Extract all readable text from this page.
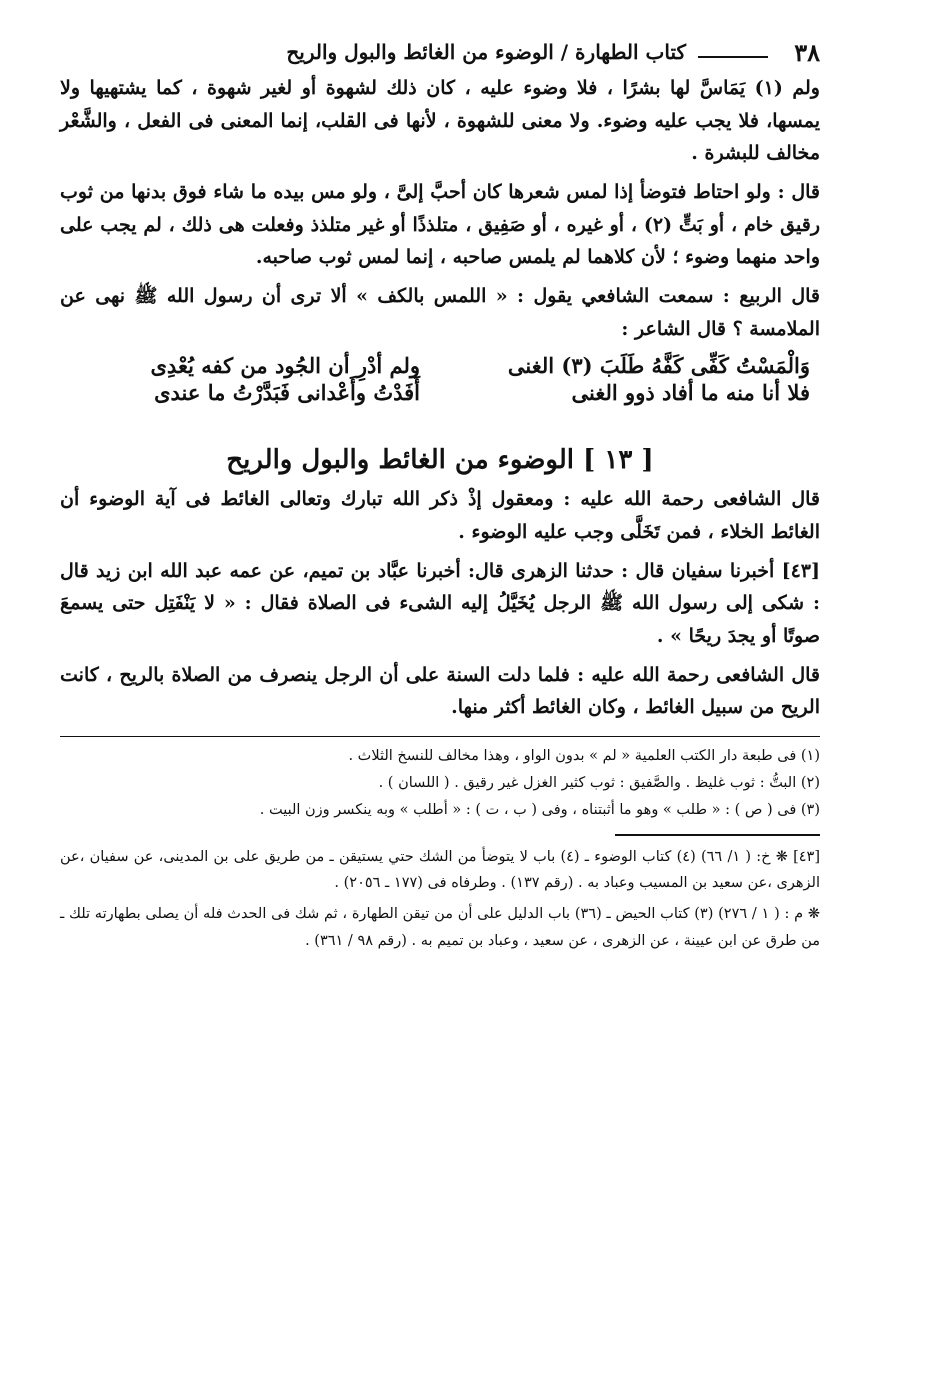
٣٨
كتاب الطهارة / الوضوء من الغائط والبول والريح

ولم (١) يَمَاسَّ لها بشرًا ، فلا وضوء عليه ، كان ذلك لشهوة أو لغير شهوة ، كما يشتهيها ولا يمسها، فلا يجب عليه وضوء. ولا معنى للشهوة ، لأنها فى القلب، إنما المعنى فى الفعل ، والشَّعْر مخالف للبشرة .

قال : ولو احتاط فتوضأ إذا لمس شعرها كان أحبَّ إلىَّ ، ولو مس بيده ما شاء فوق بدنها من ثوب رقيق خام ، أو بَتٍّ (٢) ، أو غيره ، أو صَفِيق ، متلذذًا أو غير متلذذ وفعلت هى ذلك ، لم يجب على واحد منهما وضوء ؛ لأن كلاهما لم يلمس صاحبه ، إنما لمس ثوب صاحبه.

قال الربيع : سمعت الشافعي يقول : « اللمس بالكف » ألا ترى أن رسول الله ﷺ نهى عن الملامسة ؟ قال الشاعر :

وَالْمَسْتُ كَفِّى كَفَّهُ طَلَبَ (٣) الغنى
ولم أدْرِ أن الجُود من كفه يُعْدِى
فلا أنا منه ما أفاد ذوو الغنى
أَفَدْتُ وأَعْدانى فَبَدَّرْتُ ما عندى
[ ١٣ ] الوضوء من الغائط والبول والريح

قال الشافعى رحمة الله عليه : ومعقول إذْ ذكر الله تبارك وتعالى الغائط فى آية الوضوء أن الغائط الخلاء ، فمن تَخَلَّى وجب عليه الوضوء .

[٤٣] أخبرنا سفيان قال : حدثنا الزهرى قال: أخبرنا عبَّاد بن تميم، عن عمه عبد الله ابن زيد قال : شكى إلى رسول الله ﷺ الرجل يُخَيَّلُ إليه الشىء فى الصلاة فقال : « لا يَنْفَتِل حتى يسمعَ صوتًا أو يجدَ ريحًا » .

قال الشافعى رحمة الله عليه : فلما دلت السنة على أن الرجل ينصرف من الصلاة بالريح ، كانت الريح من سبيل الغائط ، وكان الغائط أكثر منها.

(١) فى طبعة دار الكتب العلمية « لم » بدون الواو ، وهذا مخالف للنسخ الثلاث .

(٢) البتُّ : ثوب غليظ . والصَّفيق : ثوب كثير الغزل غير رقيق . ( اللسان ) .

(٣) فى ( ص ) : « طلب » وهو ما أثبتناه ، وفى ( ب ، ت ) : « أطلب » وبه ينكسر وزن البيت .

[٤٣] ❋ خ: ( ١/ ٦٦) (٤) كتاب الوضوء ـ (٤) باب لا يتوضأ من الشك حتي يستيقن ـ من طريق على بن المدينى، عن سفيان ،عن الزهرى ،عن سعيد بن المسيب وعباد به . (رقم ١٣٧) . وطرفاه فى (١٧٧ ـ ٢٠٥٦) .

❋ م : ( ١ / ٢٧٦) (٣) كتاب الحيض ـ (٣٦) باب الدليل على أن من تيقن الطهارة ، ثم شك فى الحدث فله أن يصلى بطهارته تلك ـ من طرق عن ابن عيينة ، عن الزهرى ، عن سعيد ، وعباد بن تميم به . (رقم ٩٨ / ٣٦١) .
